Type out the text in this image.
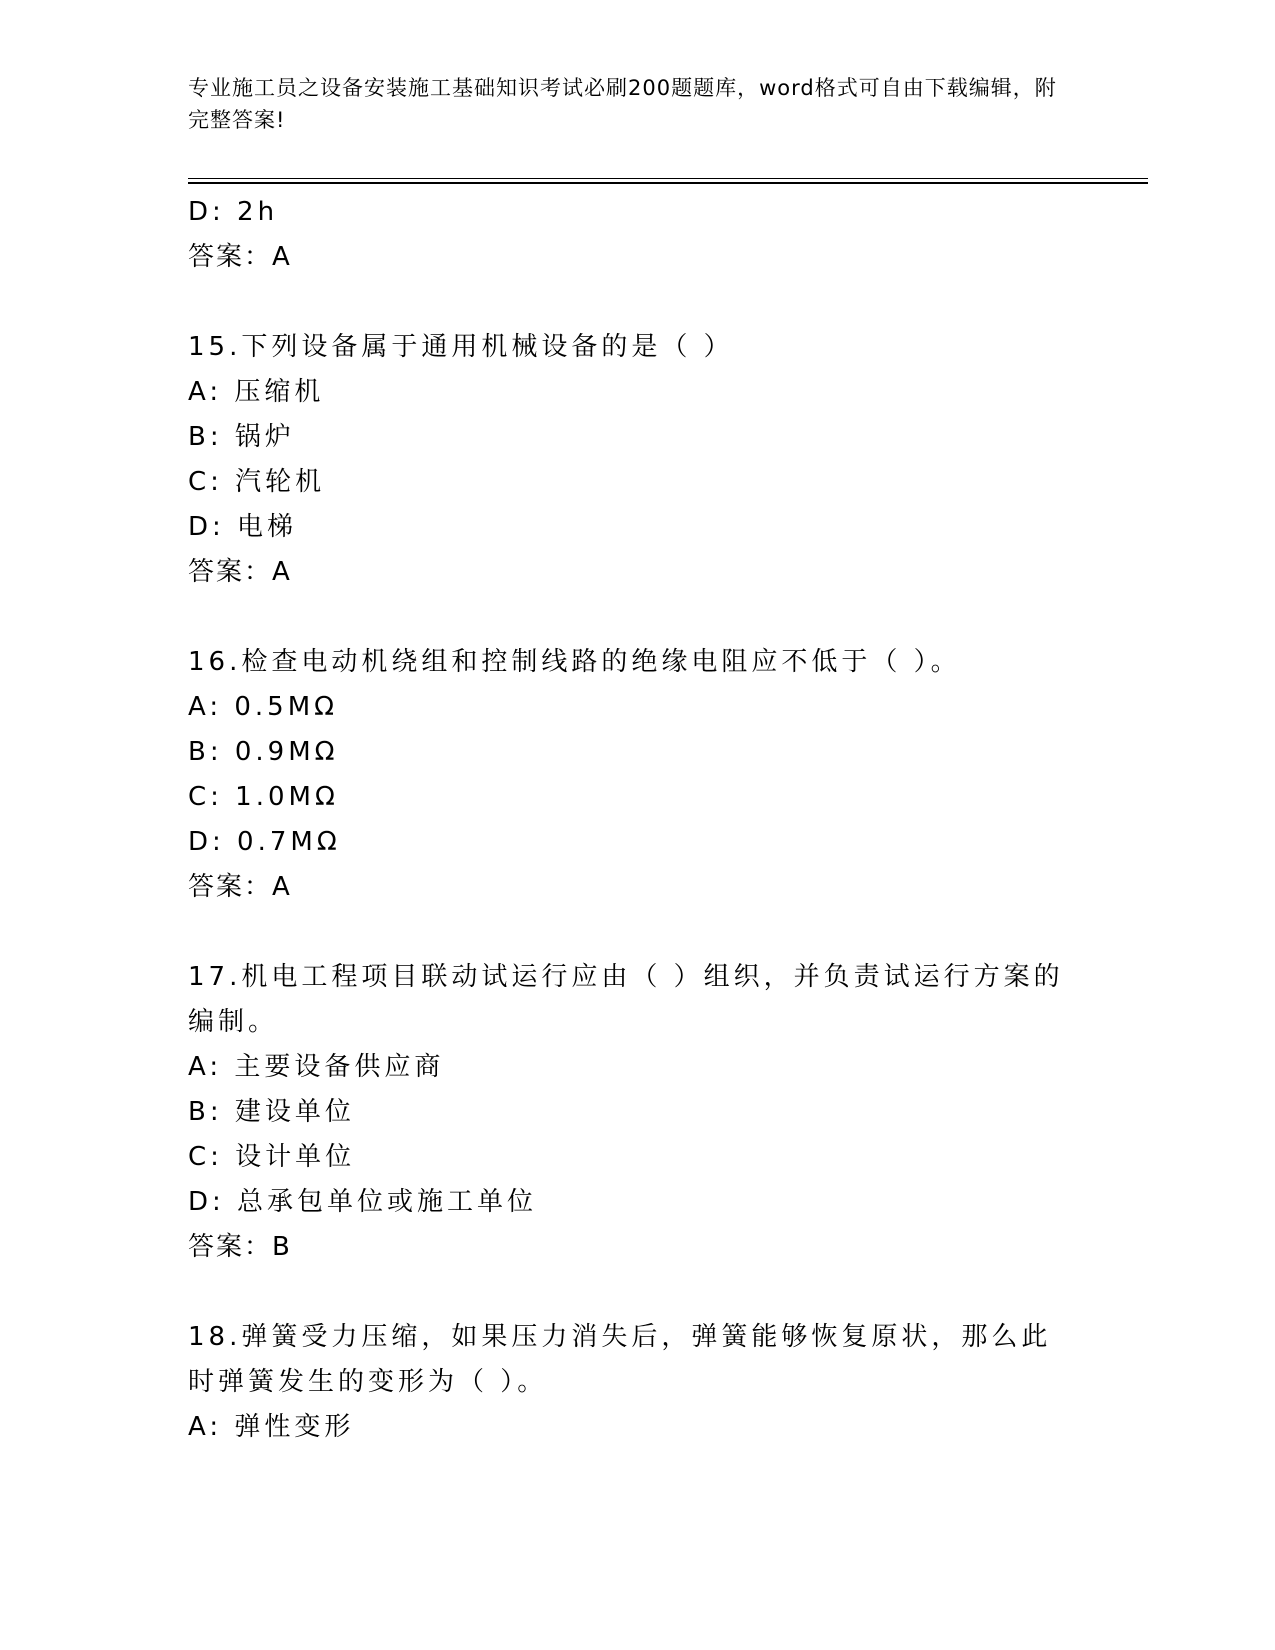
专业施工员之设备安装施工基础知识考试必刷200题题库，word格式可自由下载编辑，附完整答案!
D: 2h
答案：A
15.下列设备属于通用机械设备的是（ ）
A: 压缩机
B: 锅炉
C: 汽轮机
D: 电梯
答案：A
16.检查电动机绕组和控制线路的绝缘电阻应不低于（ ）。
A: 0.5MΩ
B: 0.9MΩ
C: 1.0MΩ
D: 0.7MΩ
答案：A
17.机电工程项目联动试运行应由（ ）组织，并负责试运行方案的编制。
A: 主要设备供应商
B: 建设单位
C: 设计单位
D: 总承包单位或施工单位
答案：B
18.弹簧受力压缩，如果压力消失后，弹簧能够恢复原状，那么此时弹簧发生的变形为（ ）。
A: 弹性变形
